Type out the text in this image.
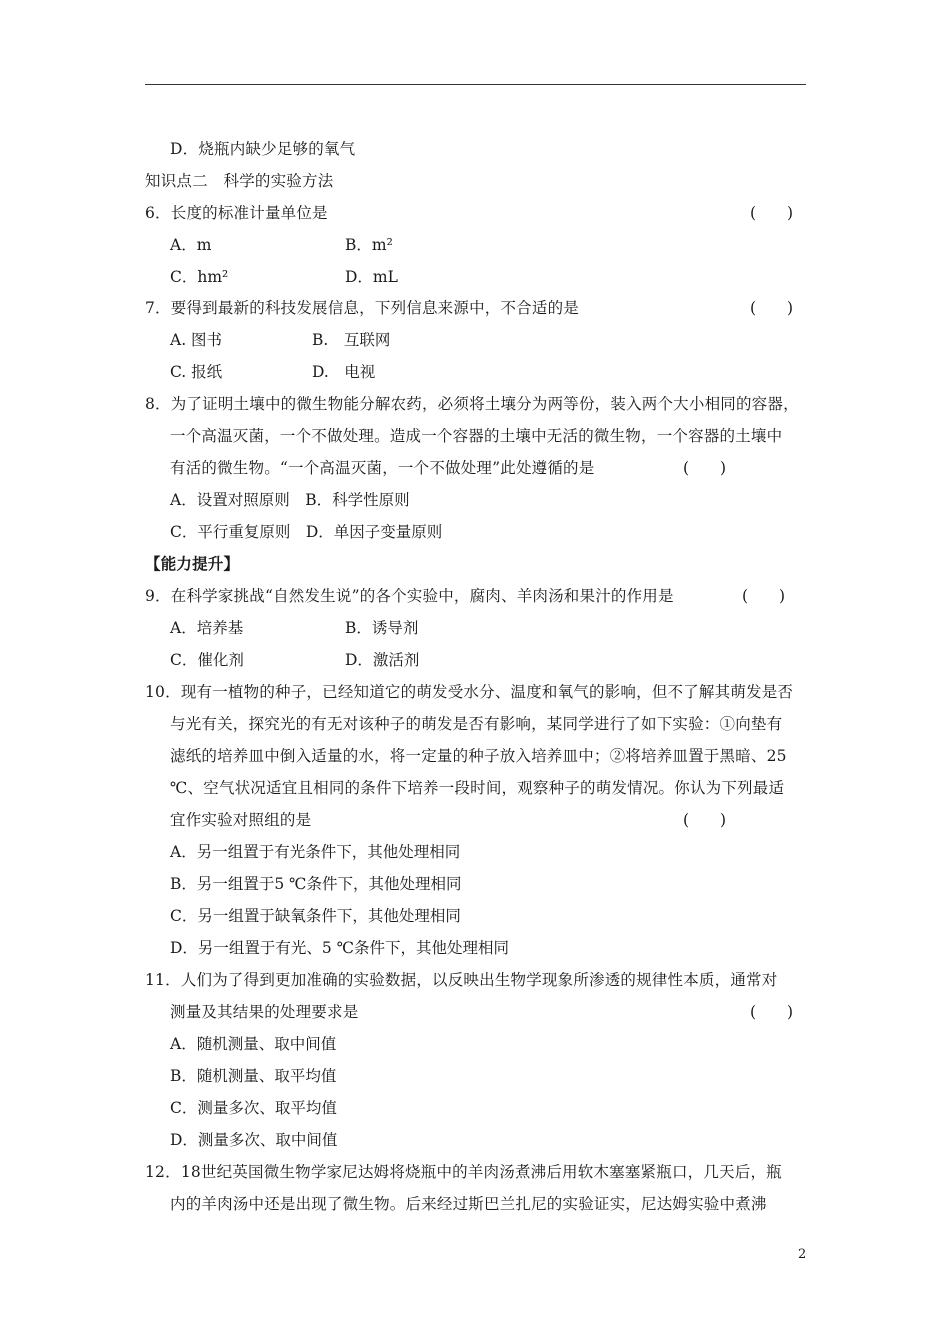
D．烧瓶内缺少足够的氧气
知识点二　科学的实验方法
6．长度的标准计量单位是	(　　)
A．m	B．m²
C．hm²	D．mL
7．要得到最新的科技发展信息，下列信息来源中，不合适的是	(　　)
A. 图书	B.　互联网
C. 报纸	D.　电视
8．为了证明土壤中的微生物能分解农药，必须将土壤分为两等份，装入两个大小相同的容器，
一个高温灭菌，一个不做处理。造成一个容器的土壤中无活的微生物，一个容器的土壤中
有活的微生物。“一个高温灭菌，一个不做处理”此处遵循的是	(　　)
A．设置对照原则　B．科学性原则
C．平行重复原则　D．单因子变量原则
【能力提升】
9．在科学家挑战“自然发生说”的各个实验中，腐肉、羊肉汤和果汁的作用是	(　　)
A．培养基	B．诱导剂
C．催化剂	D．激活剂
10．现有一植物的种子，已经知道它的萌发受水分、温度和氧气的影响，但不了解其萌发是否
与光有关，探究光的有无对该种子的萌发是否有影响，某同学进行了如下实验：①向垫有
滤纸的培养皿中倒入适量的水，将一定量的种子放入培养皿中；②将培养皿置于黑暗、25
℃、空气状况适宜且相同的条件下培养一段时间，观察种子的萌发情况。你认为下列最适
宜作实验对照组的是	(　　)
A．另一组置于有光条件下，其他处理相同
B．另一组置于5 ℃条件下，其他处理相同
C．另一组置于缺氧条件下，其他处理相同
D．另一组置于有光、5 ℃条件下，其他处理相同
11．人们为了得到更加准确的实验数据，以反映出生物学现象所渗透的规律性本质，通常对
测量及其结果的处理要求是	(　　)
A．随机测量、取中间值
B．随机测量、取平均值
C．测量多次、取平均值
D．测量多次、取中间值
12．18世纪英国微生物学家尼达姆将烧瓶中的羊肉汤煮沸后用软木塞塞紧瓶口，几天后，瓶
内的羊肉汤中还是出现了微生物。后来经过斯巴兰扎尼的实验证实，尼达姆实验中煮沸
2
